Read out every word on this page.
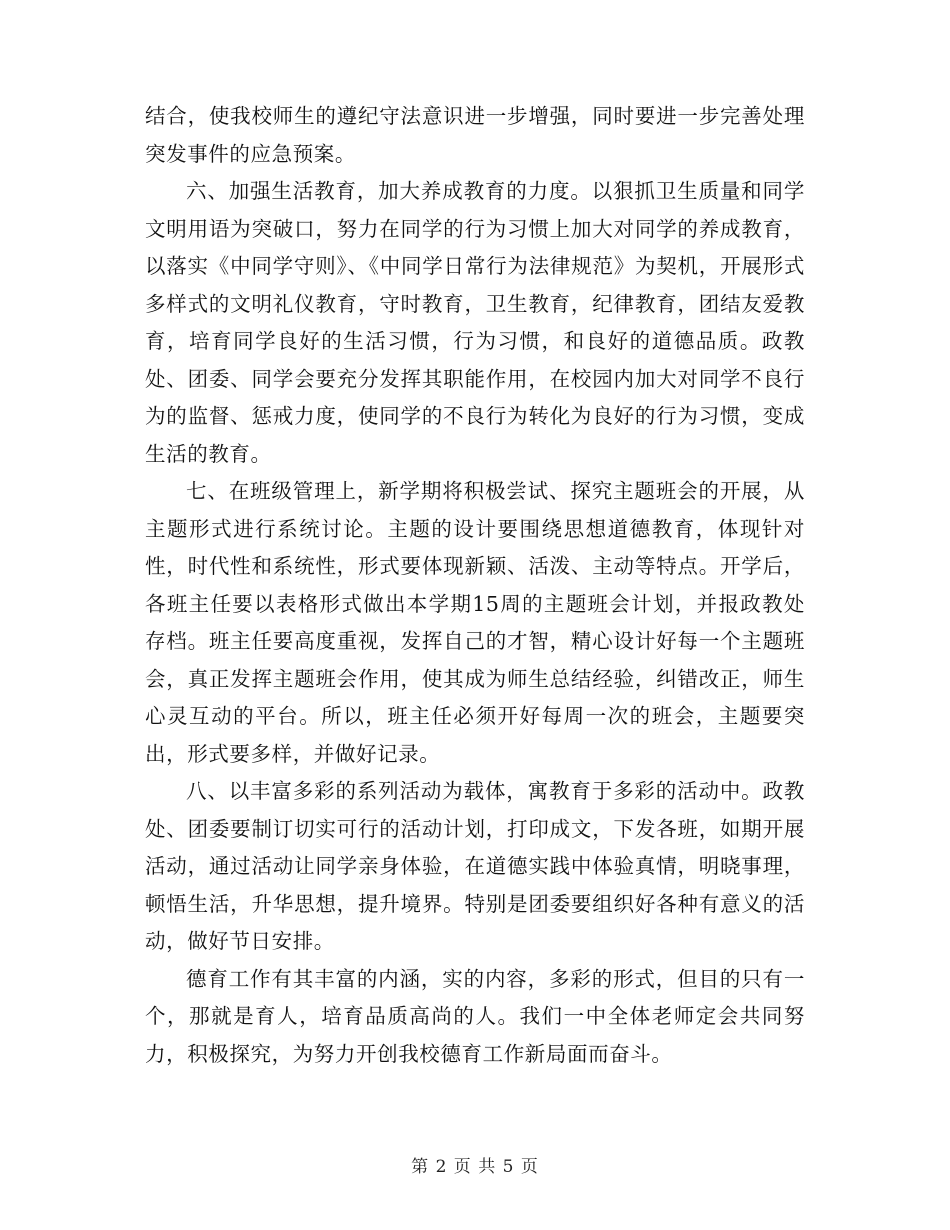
结合，使我校师生的遵纪守法意识进一步增强，同时要进一步完善处理突发事件的应急预案。

六、加强生活教育，加大养成教育的力度。以狠抓卫生质量和同学文明用语为突破口，努力在同学的行为习惯上加大对同学的养成教育，以落实《中同学守则》、《中同学日常行为法律规范》为契机，开展形式多样式的文明礼仪教育，守时教育，卫生教育，纪律教育，团结友爱教育，培育同学良好的生活习惯，行为习惯，和良好的道德品质。政教处、团委、同学会要充分发挥其职能作用，在校园内加大对同学不良行为的监督、惩戒力度，使同学的不良行为转化为良好的行为习惯，变成生活的教育。

七、在班级管理上，新学期将积极尝试、探究主题班会的开展，从主题形式进行系统讨论。主题的设计要围绕思想道德教育，体现针对性，时代性和系统性，形式要体现新颖、活泼、主动等特点。开学后，各班主任要以表格形式做出本学期15周的主题班会计划，并报政教处存档。班主任要高度重视，发挥自己的才智，精心设计好每一个主题班会，真正发挥主题班会作用，使其成为师生总结经验，纠错改正，师生心灵互动的平台。所以，班主任必须开好每周一次的班会，主题要突出，形式要多样，并做好记录。

八、以丰富多彩的系列活动为载体，寓教育于多彩的活动中。政教处、团委要制订切实可行的活动计划，打印成文，下发各班，如期开展活动，通过活动让同学亲身体验，在道德实践中体验真情，明晓事理，顿悟生活，升华思想，提升境界。特别是团委要组织好各种有意义的活动，做好节日安排。

德育工作有其丰富的内涵，实的内容，多彩的形式，但目的只有一个，那就是育人，培育品质高尚的人。我们一中全体老师定会共同努力，积极探究，为努力开创我校德育工作新局面而奋斗。

第 2 页 共 5 页
